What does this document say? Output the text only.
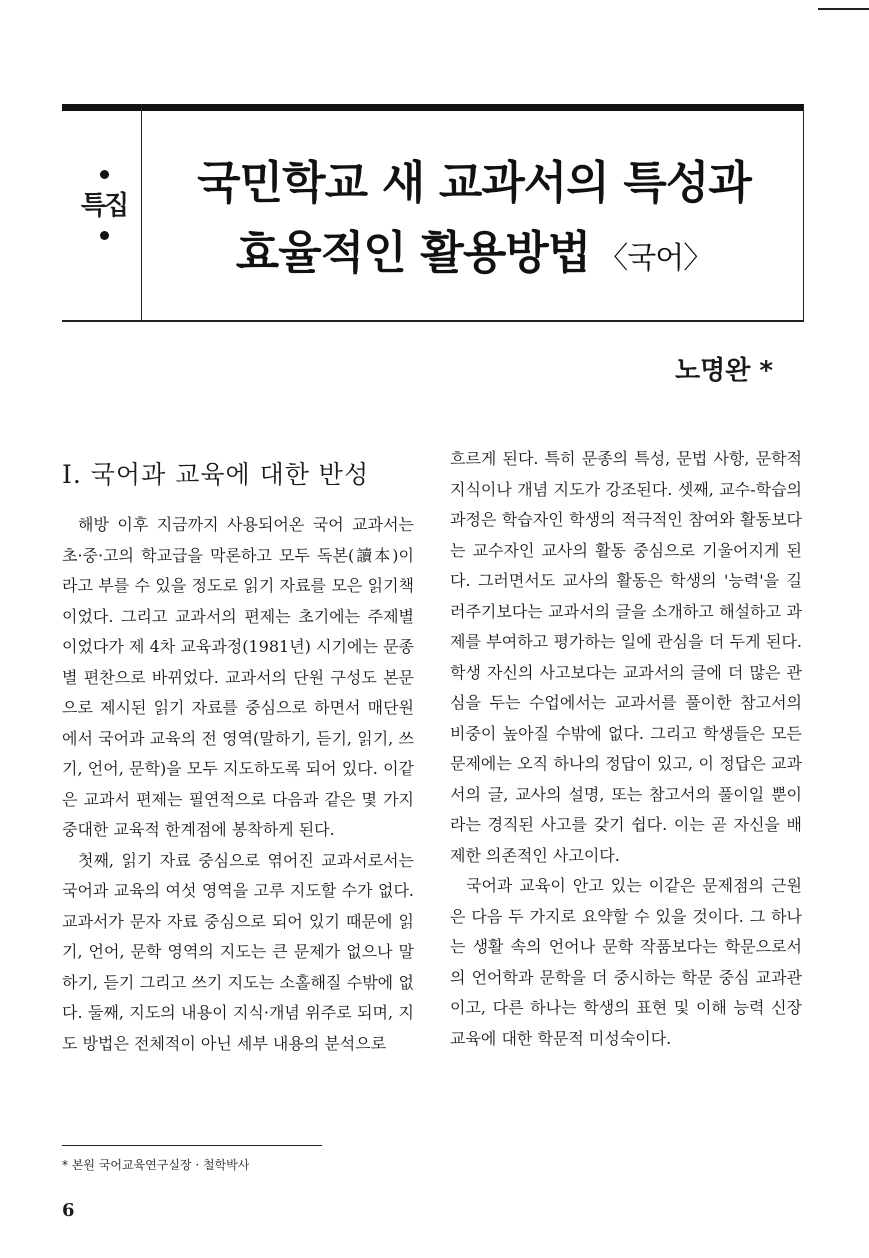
특집	국민학교 새 교과서의 특성과
효율적인 활용방법 〈국어〉
노명완 *
Ⅰ. 국어과 교육에 대한 반성

해방 이후 지금까지 사용되어온 국어 교과서는 초·중·고의 학교급을 막론하고 모두 독본(讀本)이라고 부를 수 있을 정도로 읽기 자료를 모은 읽기책이었다. 그리고 교과서의 편제는 초기에는 주제별이었다가 제 4차 교육과정(1981년) 시기에는 문종별 편찬으로 바뀌었다. 교과서의 단원 구성도 본문으로 제시된 읽기 자료를 중심으로 하면서 매단원에서 국어과 교육의 전 영역(말하기, 듣기, 읽기, 쓰기, 언어, 문학)을 모두 지도하도록 되어 있다. 이같은 교과서 편제는 필연적으로 다음과 같은 몇 가지 중대한 교육적 한계점에 봉착하게 된다.

첫째, 읽기 자료 중심으로 엮어진 교과서로서는 국어과 교육의 여섯 영역을 고루 지도할 수가 없다. 교과서가 문자 자료 중심으로 되어 있기 때문에 읽기, 언어, 문학 영역의 지도는 큰 문제가 없으나 말하기, 듣기 그리고 쓰기 지도는 소홀해질 수밖에 없다. 둘째, 지도의 내용이 지식·개념 위주로 되며, 지도 방법은 전체적이 아닌 세부 내용의 분석으로

흐르게 된다. 특히 문종의 특성, 문법 사항, 문학적 지식이나 개념 지도가 강조된다. 셋째, 교수-학습의 과정은 학습자인 학생의 적극적인 참여와 활동보다는 교수자인 교사의 활동 중심으로 기울어지게 된다. 그러면서도 교사의 활동은 학생의 '능력'을 길러주기보다는 교과서의 글을 소개하고 해설하고 과제를 부여하고 평가하는 일에 관심을 더 두게 된다. 학생 자신의 사고보다는 교과서의 글에 더 많은 관심을 두는 수업에서는 교과서를 풀이한 참고서의 비중이 높아질 수밖에 없다. 그리고 학생들은 모든 문제에는 오직 하나의 정답이 있고, 이 정답은 교과서의 글, 교사의 설명, 또는 참고서의 풀이일 뿐이라는 경직된 사고를 갖기 쉽다. 이는 곧 자신을 배제한 의존적인 사고이다.

국어과 교육이 안고 있는 이같은 문제점의 근원은 다음 두 가지로 요약할 수 있을 것이다. 그 하나는 생활 속의 언어나 문학 작품보다는 학문으로서의 언어학과 문학을 더 중시하는 학문 중심 교과관이고, 다른 하나는 학생의 표현 및 이해 능력 신장 교육에 대한 학문적 미성숙이다.

* 본원 국어교육연구실장 · 철학박사
6
